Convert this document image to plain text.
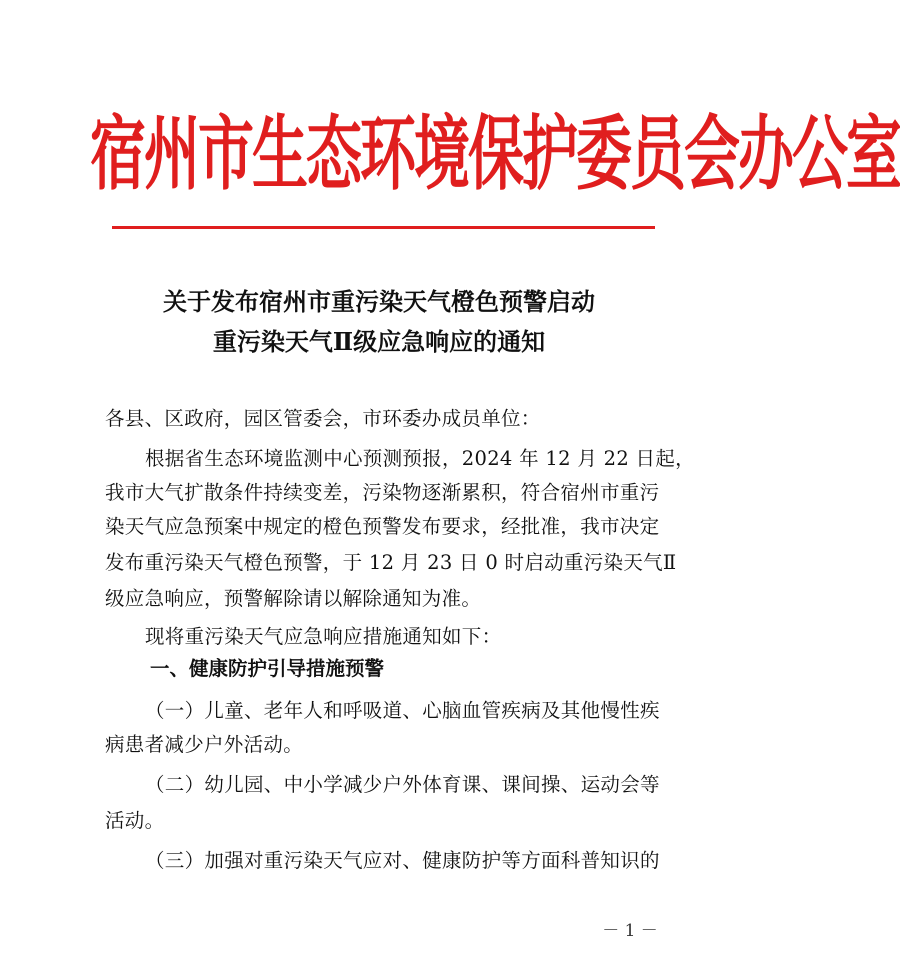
宿州市生态环境保护委员会办公室
关于发布宿州市重污染天气橙色预警启动
重污染天气Ⅱ级应急响应的通知
各县、区政府，园区管委会，市环委办成员单位：
根据省生态环境监测中心预测预报，2024 年 12 月 22 日起，
我市大气扩散条件持续变差，污染物逐渐累积，符合宿州市重污
染天气应急预案中规定的橙色预警发布要求，经批准，我市决定
发布重污染天气橙色预警，于 12 月 23 日 0 时启动重污染天气Ⅱ
级应急响应，预警解除请以解除通知为准。
现将重污染天气应急响应措施通知如下：
一、健康防护引导措施预警
（一）儿童、老年人和呼吸道、心脑血管疾病及其他慢性疾
病患者减少户外活动。
（二）幼儿园、中小学减少户外体育课、课间操、运动会等
活动。
（三）加强对重污染天气应对、健康防护等方面科普知识的
－ 1 －
